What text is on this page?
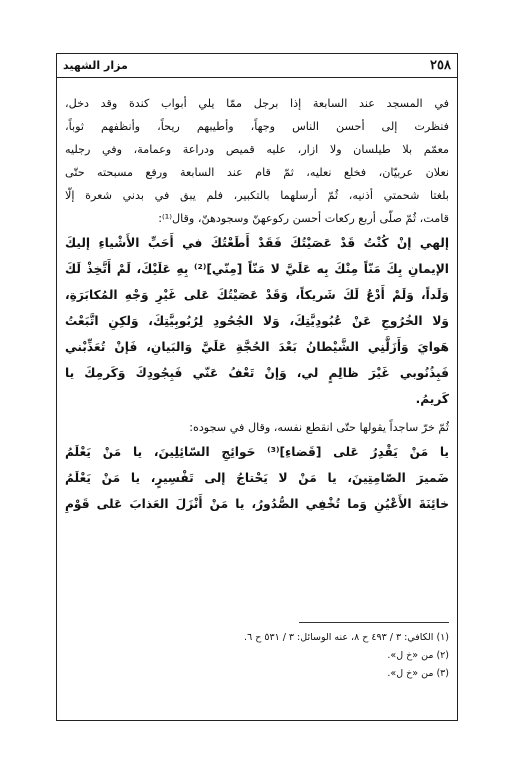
٢٥٨
مزار الشهيد
في المسجد عند السابعة إذا برجل ممّا يلي أبواب كندة وقد دخل،
فنظرت إلى أحسن الناس وجهاً، وأطيبهم ريحاً، وأنظفهم ثوباً،
معمّم بلا طيلسان ولا ازار، عليه قميص ودراعة وعمامة، وفي رجليه
نعلان عربيّان، فخلع نعليه، ثمّ قام عند السابعة ورفع مسبحته حتّى
بلغتا شحمتي أذنيه، ثُمّ أرسلهما بالتكبير، فلم يبق في بدني شعرة إلّا
قامت، ثُمّ صلّى أربع ركعات أحسن ركوعهنّ وسجودهنّ، وقال⁽¹⁾:
إلهي إنْ كُنْتُ قَدْ عَصَيْتُكَ فَقَدْ أَطَعْتُكَ في أَحَبِّ الأَشْياءِ إليكَ
الإيمانِ بِكَ مَنّاً مِنْكَ بِه عَلَيَّ لا مَنّاً [مِنّي]⁽²⁾ بِهِ عَلَيْكَ، لَمْ أَتَّخِذْ لَكَ
وَلَداً، وَلَمْ أَدْعُ لَكَ شَريكاً، وَقَدْ عَصَيْتُكَ عَلى غَيْرِ وَجْهِ المُكابَرَةِ،
وَلا الخُرُوجِ عَنْ عُبُودِيَّتِكَ، وَلا الجُحُودِ لِرُبُوبِيَّتِكَ، وَلكِنِ اتَّبَعْتُ
هَوايَ وَأَزَلَّنِي الشَّيْطانُ بَعْدَ الحُجَّةِ عَلَيَّ وَالبَيانِ، فَإنْ تُعَذِّبْني
فَبِذُنُوبي غَيْرَ ظالِمٍ لي، وَإنْ تَعْفُ عَنّي فَبِجُودِكَ وَكَرمِكَ يا
كَريمُ.
ثُمّ خرّ ساجداً يقولها حتّى انقطع نفسه، وقال في سجوده:
يا مَنْ يَقْدِرُ عَلى [قَضاءِ]⁽³⁾ حَوائِجِ السّائِلِينَ، يا مَنْ يَعْلَمُ
ضَميرَ الصّامِتِينَ، يا مَنْ لا يَحْتاجُ إلى تَفْسِيرٍ، يا مَنْ يَعْلَمُ
خائِنَةَ الأَعْيُنِ وَما تُخْفِي الصُّدُورُ، يا مَنْ أَنْزَلَ العَذابَ عَلى قَوْمِ
(١) الكافي: ٣ / ٤٩٣ ح ٨، عنه الوسائل: ٣ / ٥٣١ ح ٦.
(٢) من «خ ل».
(٣) من «خ ل».
